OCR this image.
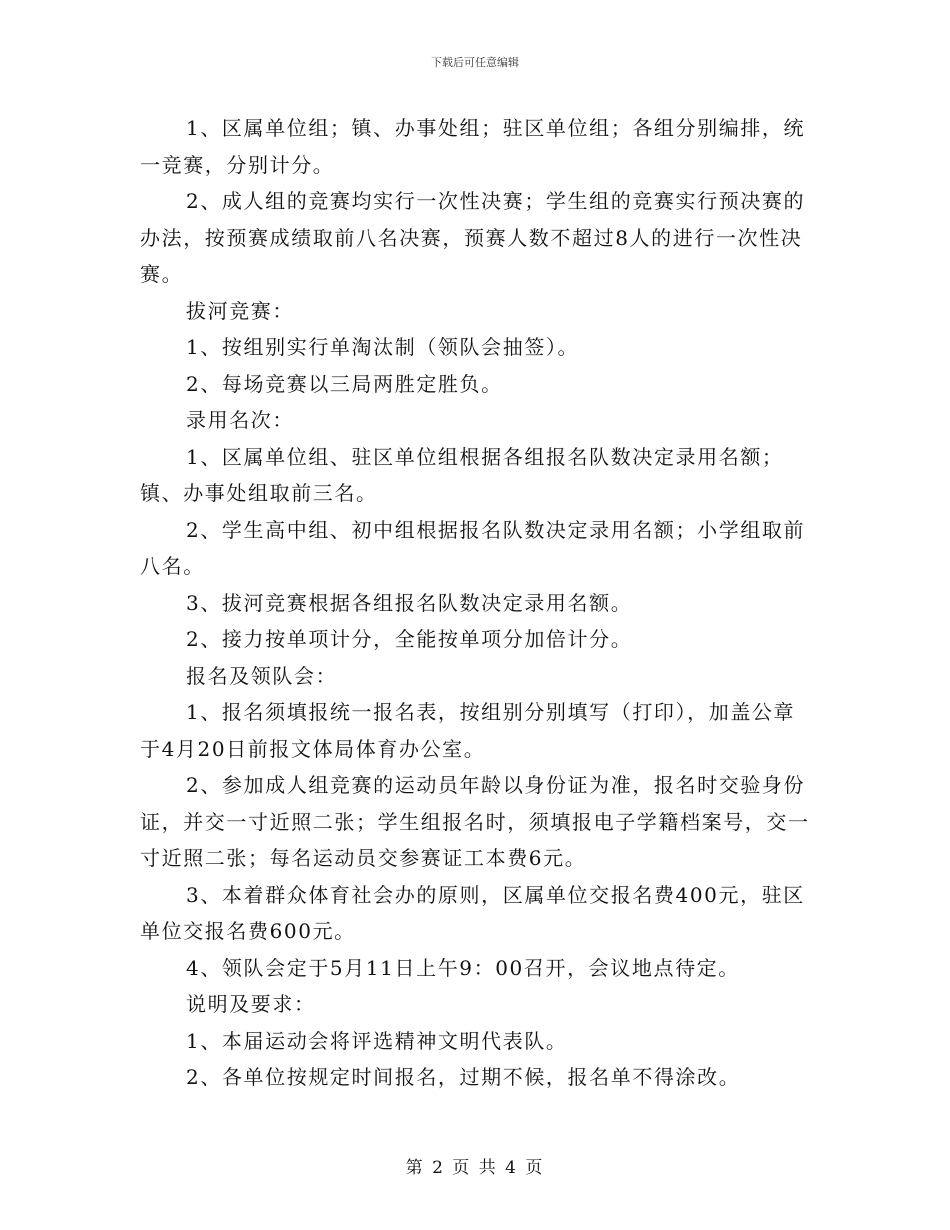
下载后可任意编辑

1、区属单位组；镇、办事处组；驻区单位组；各组分别编排，统一竞赛，分别计分。

2、成人组的竞赛均实行一次性决赛；学生组的竞赛实行预决赛的办法，按预赛成绩取前八名决赛，预赛人数不超过8人的进行一次性决赛。

拔河竞赛：

1、按组别实行单淘汰制（领队会抽签）。

2、每场竞赛以三局两胜定胜负。

录用名次：

1、区属单位组、驻区单位组根据各组报名队数决定录用名额；镇、办事处组取前三名。

2、学生高中组、初中组根据报名队数决定录用名额；小学组取前八名。

3、拔河竞赛根据各组报名队数决定录用名额。

2、接力按单项计分，全能按单项分加倍计分。

报名及领队会：

1、报名须填报统一报名表，按组别分别填写（打印），加盖公章于4月20日前报文体局体育办公室。

2、参加成人组竞赛的运动员年龄以身份证为准，报名时交验身份证，并交一寸近照二张；学生组报名时，须填报电子学籍档案号，交一寸近照二张；每名运动员交参赛证工本费6元。

3、本着群众体育社会办的原则，区属单位交报名费400元，驻区单位交报名费600元。

4、领队会定于5月11日上午9：00召开，会议地点待定。

说明及要求：

1、本届运动会将评选精神文明代表队。

2、各单位按规定时间报名，过期不候，报名单不得涂改。

第 2 页 共 4 页
